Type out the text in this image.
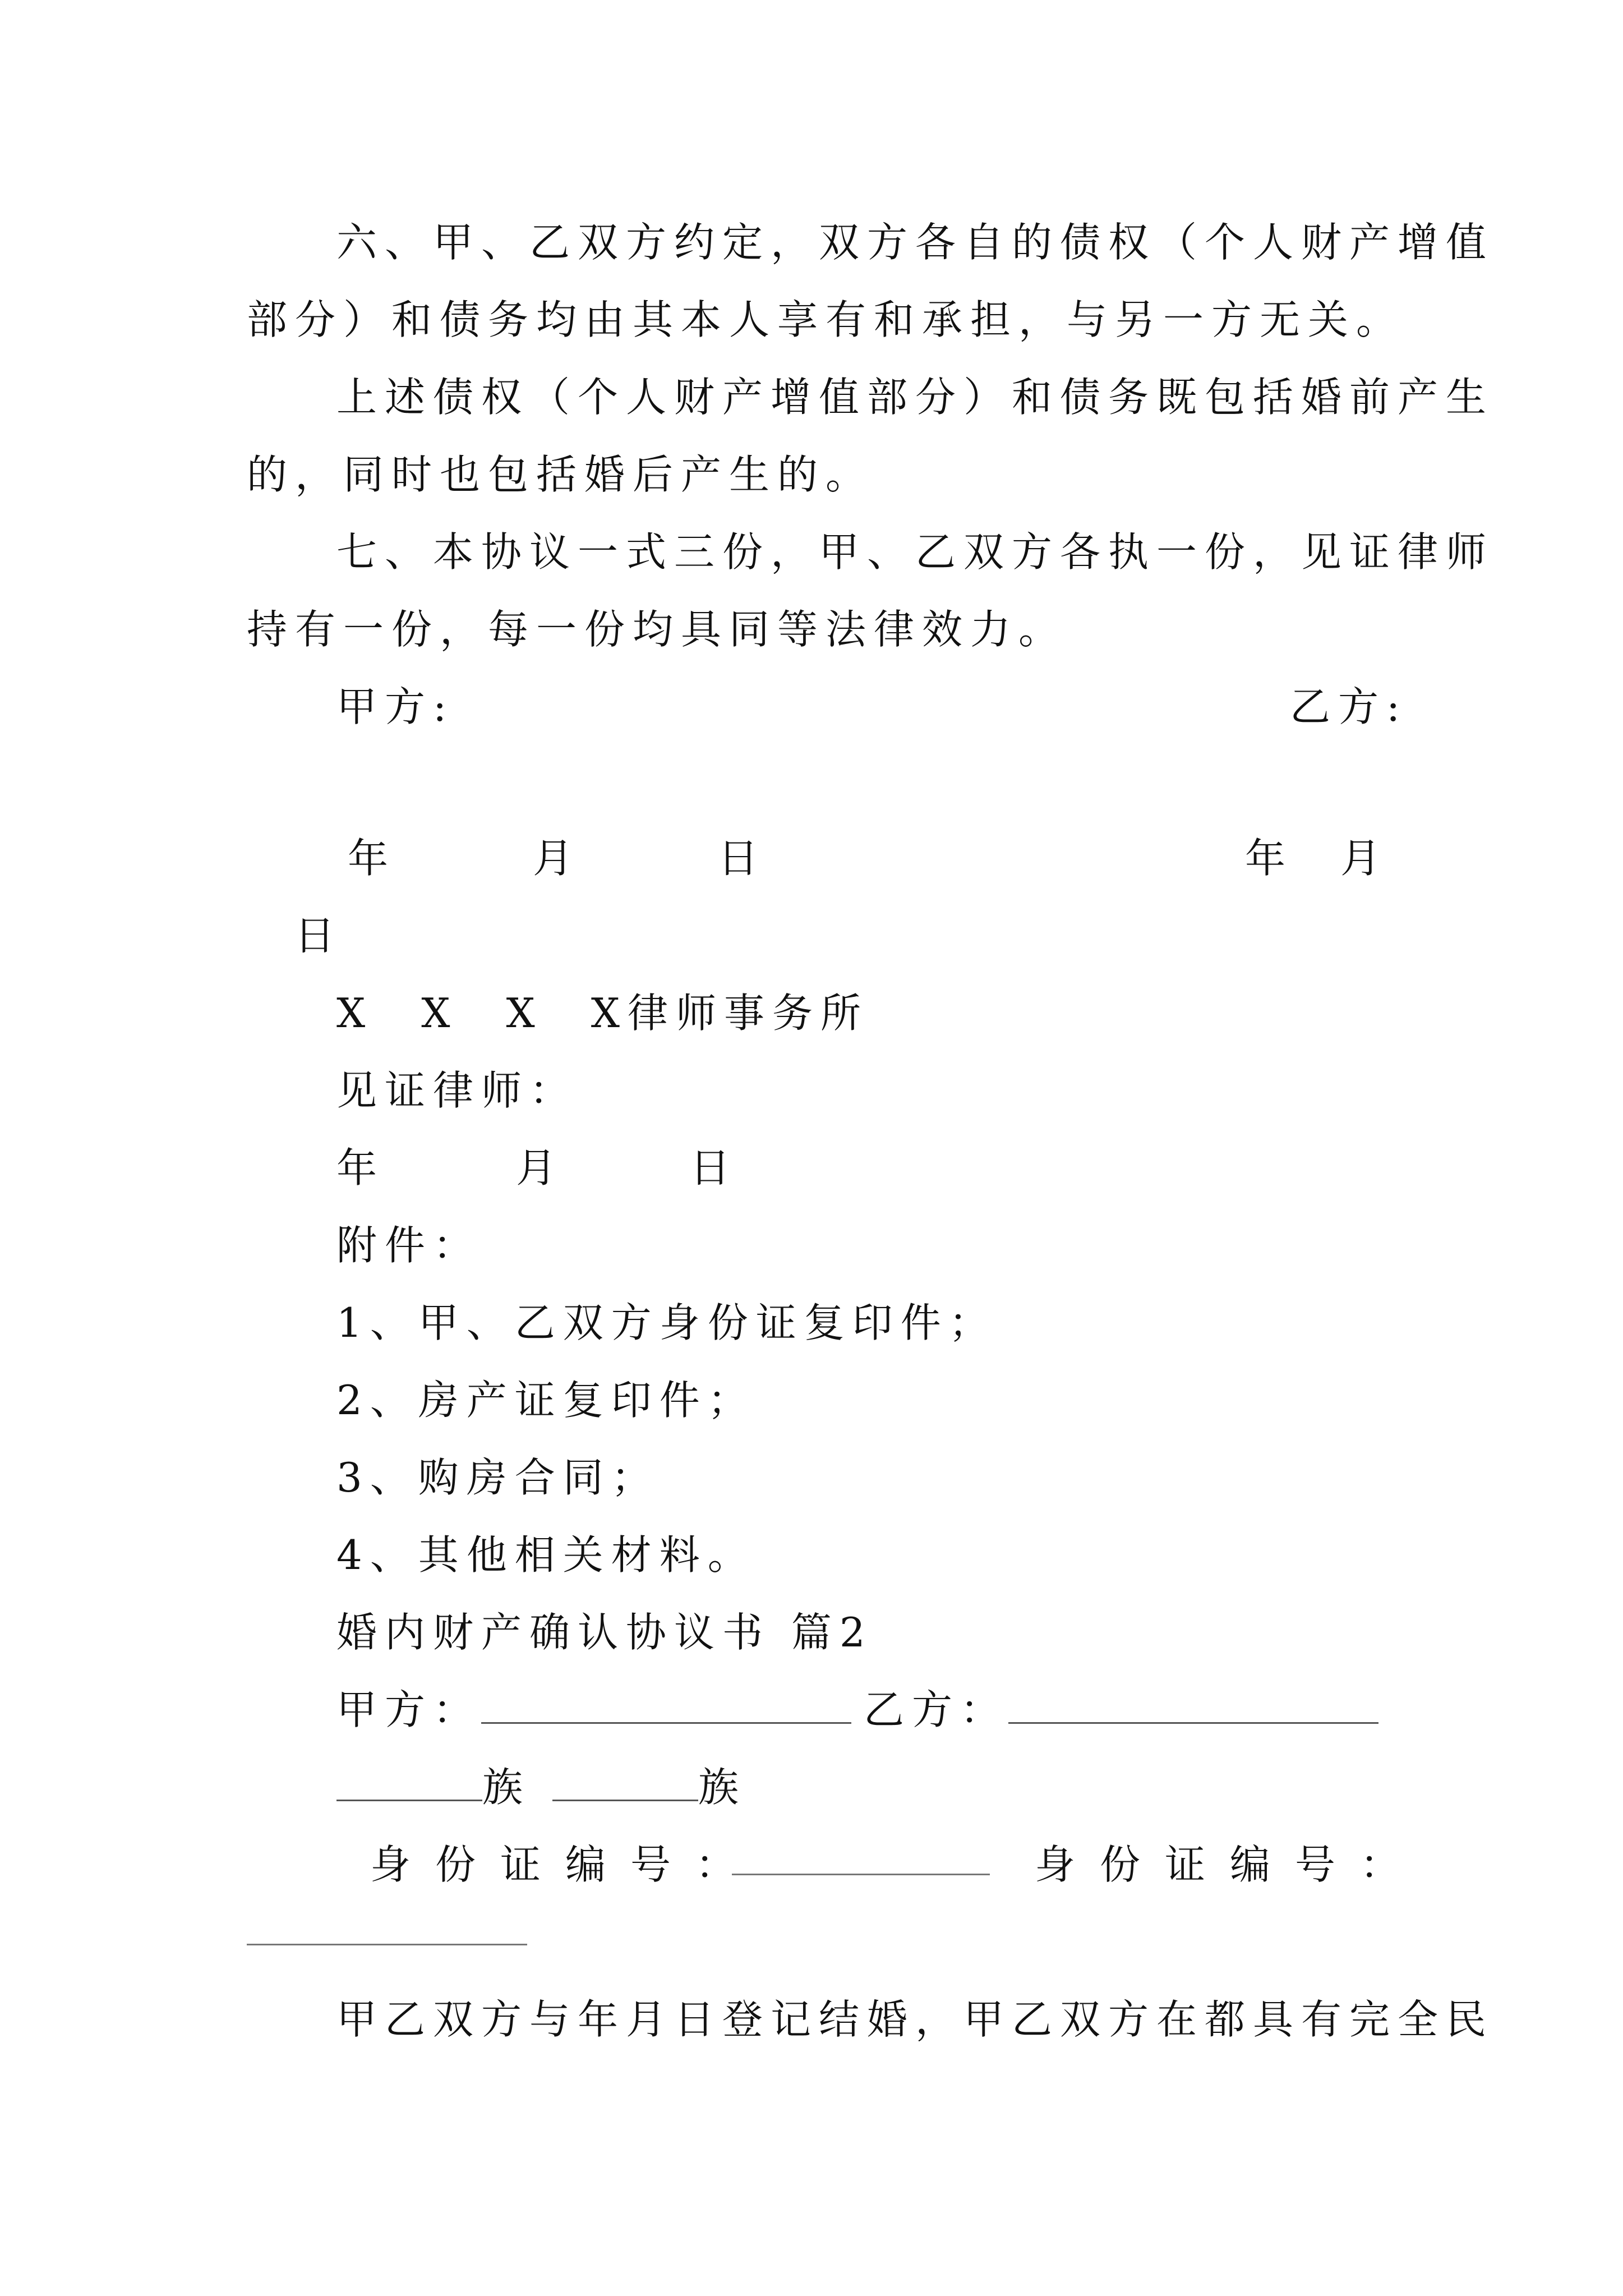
六、甲、乙双方约定，双方各自的债权（个人财产增值
部分）和债务均由其本人享有和承担，与另一方无关。
上述债权（个人财产增值部分）和债务既包括婚前产生
的，同时也包括婚后产生的。
七、本协议一式三份，甲、乙双方各执一份，见证律师
持有一份，每一份均具同等法律效力。
甲方:	乙方:
年	月	日	年 月
日
X　X　X　X律师事务所
见证律师：
年	月	日
附件：
1、甲、乙双方身份证复印件；
2、房产证复印件；
3、购房合同；
4、其他相关材料。
婚内财产确认协议书 篇2
甲方：	乙方：
族	族
身份证编号：	身份证编号：
甲乙双方与年月日登记结婚，甲乙双方在都具有完全民
